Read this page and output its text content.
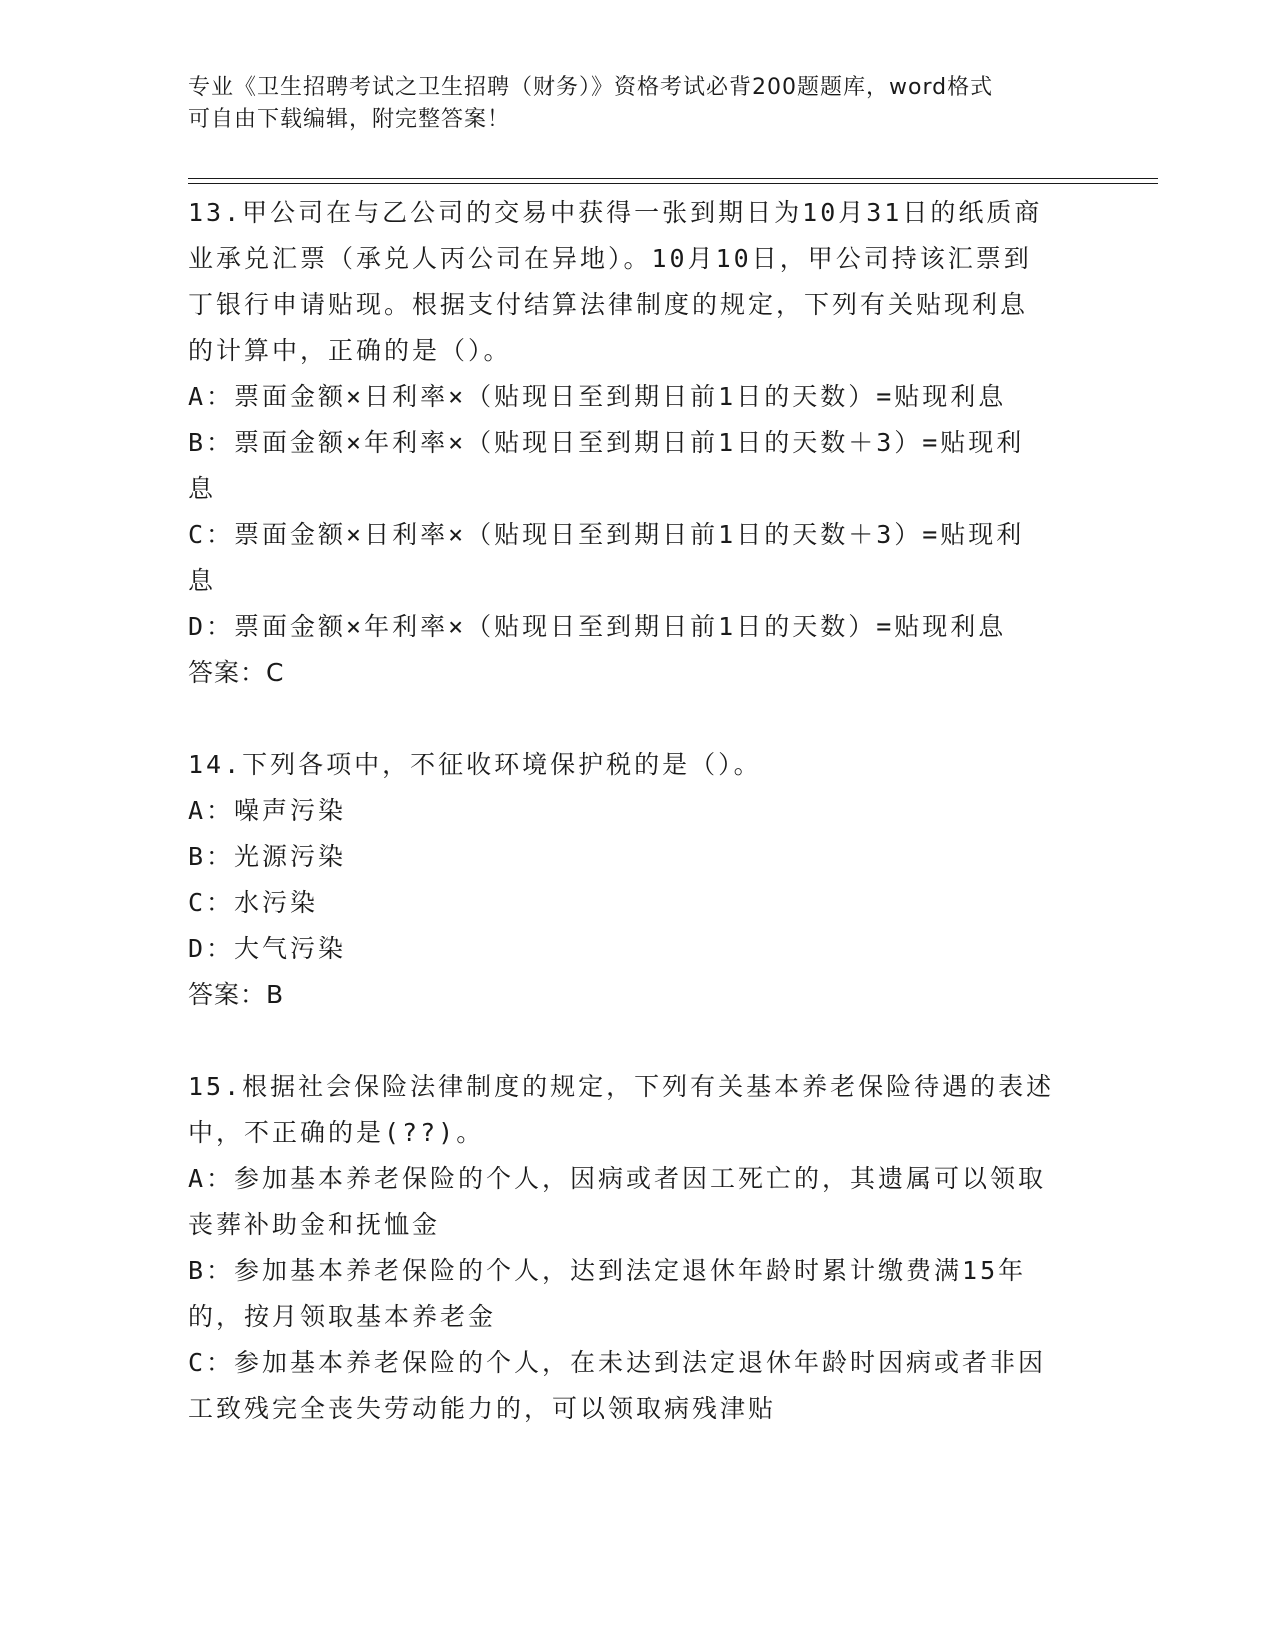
专业《卫生招聘考试之卫生招聘（财务）》资格考试必背200题题库，word格式
可自由下载编辑，附完整答案！
13.甲公司在与乙公司的交易中获得一张到期日为10月31日的纸质商
业承兑汇票（承兑人丙公司在异地）。10月10日，甲公司持该汇票到
丁银行申请贴现。根据支付结算法律制度的规定，下列有关贴现利息
的计算中，正确的是（）。
A：票面金额×日利率×（贴现日至到期日前1日的天数）=贴现利息
B：票面金额×年利率×（贴现日至到期日前1日的天数＋3）=贴现利
息
C：票面金额×日利率×（贴现日至到期日前1日的天数＋3）=贴现利
息
D：票面金额×年利率×（贴现日至到期日前1日的天数）=贴现利息
答案：C
14.下列各项中，不征收环境保护税的是（）。
A：噪声污染
B：光源污染
C：水污染
D：大气污染
答案：B
15.根据社会保险法律制度的规定，下列有关基本养老保险待遇的表述
中，不正确的是(??)。
A：参加基本养老保险的个人，因病或者因工死亡的，其遗属可以领取
丧葬补助金和抚恤金
B：参加基本养老保险的个人，达到法定退休年龄时累计缴费满15年
的，按月领取基本养老金
C：参加基本养老保险的个人，在未达到法定退休年龄时因病或者非因
工致残完全丧失劳动能力的，可以领取病残津贴
